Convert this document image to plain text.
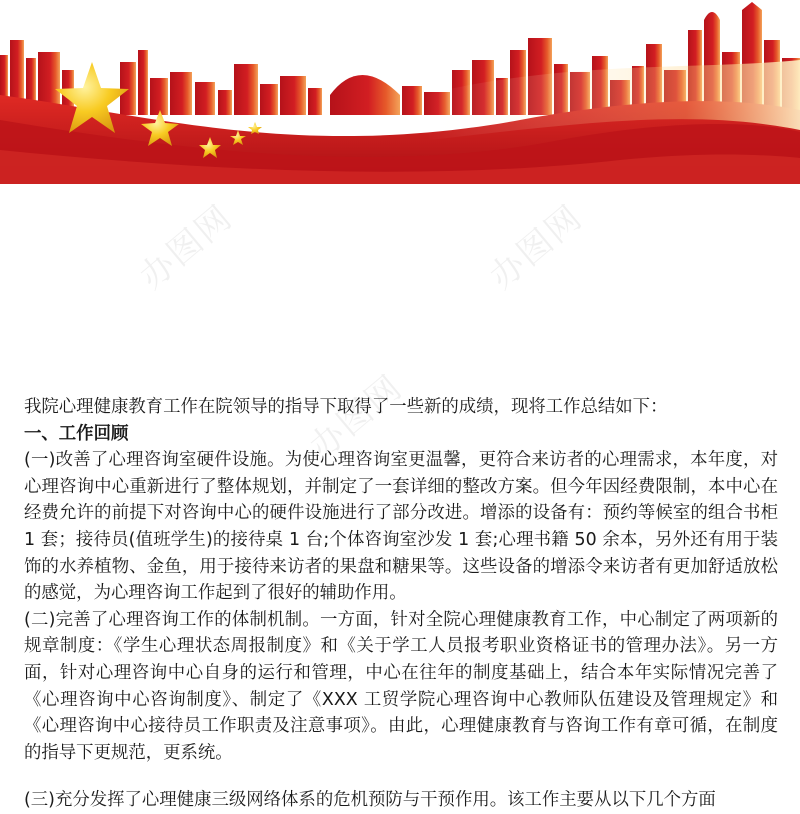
办图网	办图网
办图网

我院心理健康教育工作在院领导的指导下取得了一些新的成绩，现将工作总结如下：

一、工作回顾

(一)改善了心理咨询室硬件设施。为使心理咨询室更温馨，更符合来访者的心理需求，本年度，对心理咨询中心重新进行了整体规划，并制定了一套详细的整改方案。但今年因经费限制，本中心在经费允许的前提下对咨询中心的硬件设施进行了部分改进。增添的设备有：预约等候室的组合书柜 1 套；接待员(值班学生)的接待桌 1 台;个体咨询室沙发 1 套;心理书籍 50 余本，另外还有用于装饰的水养植物、金鱼，用于接待来访者的果盘和糖果等。这些设备的增添令来访者有更加舒适放松的感觉，为心理咨询工作起到了很好的辅助作用。

(二)完善了心理咨询工作的体制机制。一方面，针对全院心理健康教育工作，中心制定了两项新的规章制度：《学生心理状态周报制度》和《关于学工人员报考职业资格证书的管理办法》。另一方面，针对心理咨询中心自身的运行和管理，中心在往年的制度基础上，结合本年实际情况完善了《心理咨询中心咨询制度》、制定了《XXX 工贸学院心理咨询中心教师队伍建设及管理规定》和《心理咨询中心接待员工作职责及注意事项》。由此，心理健康教育与咨询工作有章可循，在制度的指导下更规范，更系统。

(三)充分发挥了心理健康三级网络体系的危机预防与干预作用。该工作主要从以下几个方面
